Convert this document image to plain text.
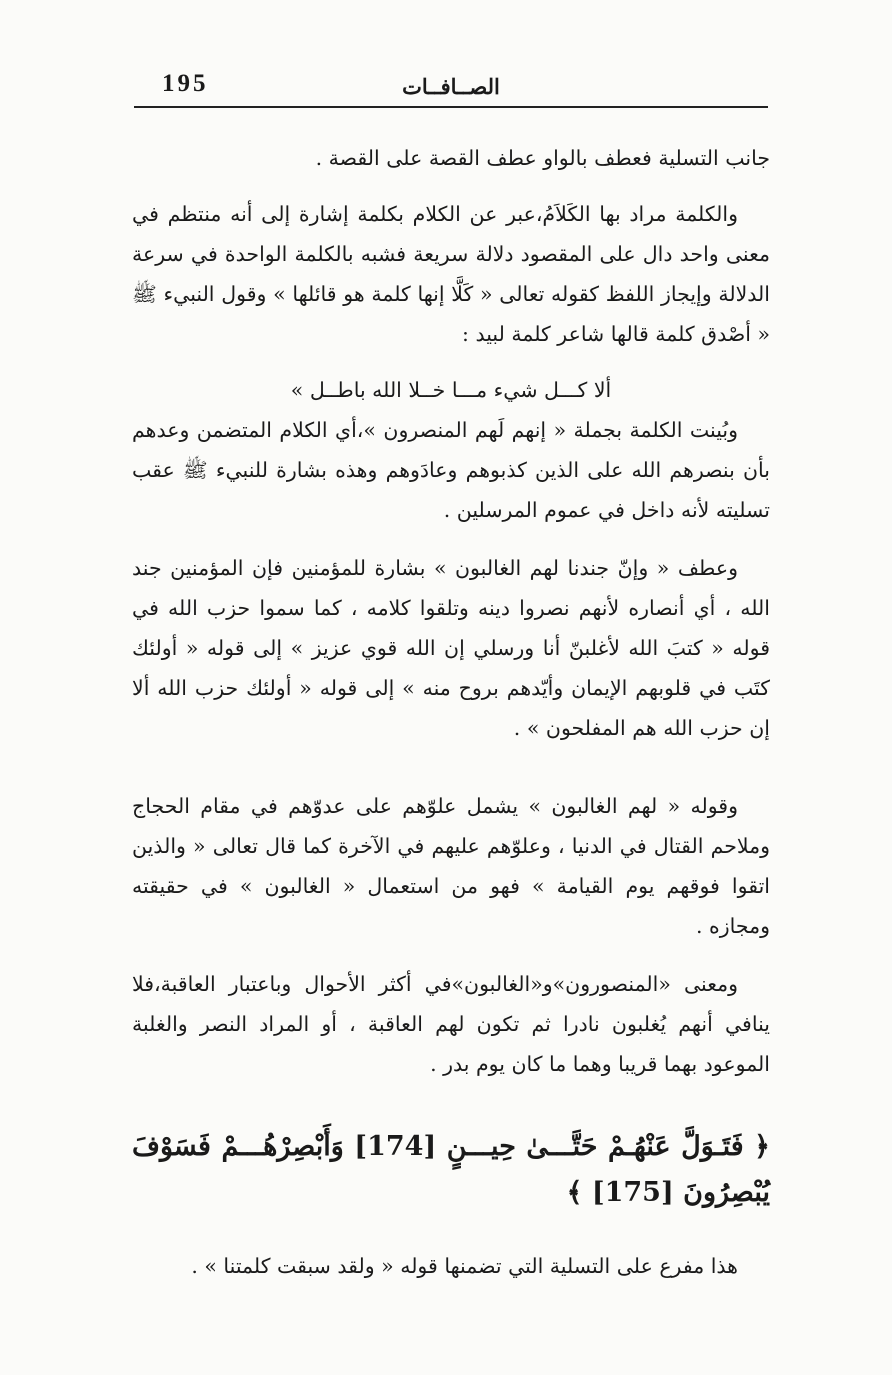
195	الصــافــات

جانب التسلية فعطف بالواو عطف القصة على القصة .

والكلمة مراد بها الكَلاَمُ،عبر عن الكلام بكلمة إشارة إلى أنه منتظم في معنى واحد دال على المقصود دلالة سريعة فشبه بالكلمة الواحدة في سرعة الدلالة وإيجاز اللفظ كقوله تعالى « كَلَّا إنها كلمة هو قائلها » وقول النبيء ﷺ « أصْدق كلمة قالها شاعر كلمة لبيد :

ألا كـــل شيء مـــا خــلا الله باطــل »

وبُينت الكلمة بجملة « إنهم لَهم المنصرون »،أي الكلام المتضمن وعدهم بأن بنصرهم الله على الذين كذبوهم وعادَوهم وهذه بشارة للنبيء ﷺ عقب تسليته لأنه داخل في عموم المرسلين .

وعطف « وإنّ جندنا لهم الغالبون » بشارة للمؤمنين فإن المؤمنين جند الله ، أي أنصاره لأنهم نصروا دينه وتلقوا كلامه ، كما سموا حزب الله في قوله « كتبَ الله لأغلبنّ أنا ورسلي إن الله قوي عزيز » إلى قوله « أولئك كتَب في قلوبهم الإيمان وأيّدهم بروح منه » إلى قوله « أولئك حزب الله ألا إن حزب الله هم المفلحون » .

وقوله « لهم الغالبون » يشمل علوّهم على عدوّهم في مقام الحجاج وملاحم القتال في الدنيا ، وعلوّهم عليهم في الآخرة كما قال تعالى « والذين اتقوا فوقهم يوم القيامة » فهو من استعمال « الغالبون » في حقيقته ومجازه .

ومعنى «المنصورون»و«الغالبون»في أكثر الأحوال وباعتبار العاقبة،فلا ينافي أنهم يُغلبون نادرا ثم تكون لهم العاقبة ، أو المراد النصر والغلبة الموعود بهما قريبا وهما ما كان يوم بدر .

﴿ فَتَـوَلَّ عَنْهُـمْ حَتَّـــىٰ حِيـــنٍ [174] وَأَبْصِرْهُـــمْ فَسَوْفَ يُبْصِرُونَ [175] ﴾

هذا مفرع على التسلية التي تضمنها قوله « ولقد سبقت كلمتنا » .
